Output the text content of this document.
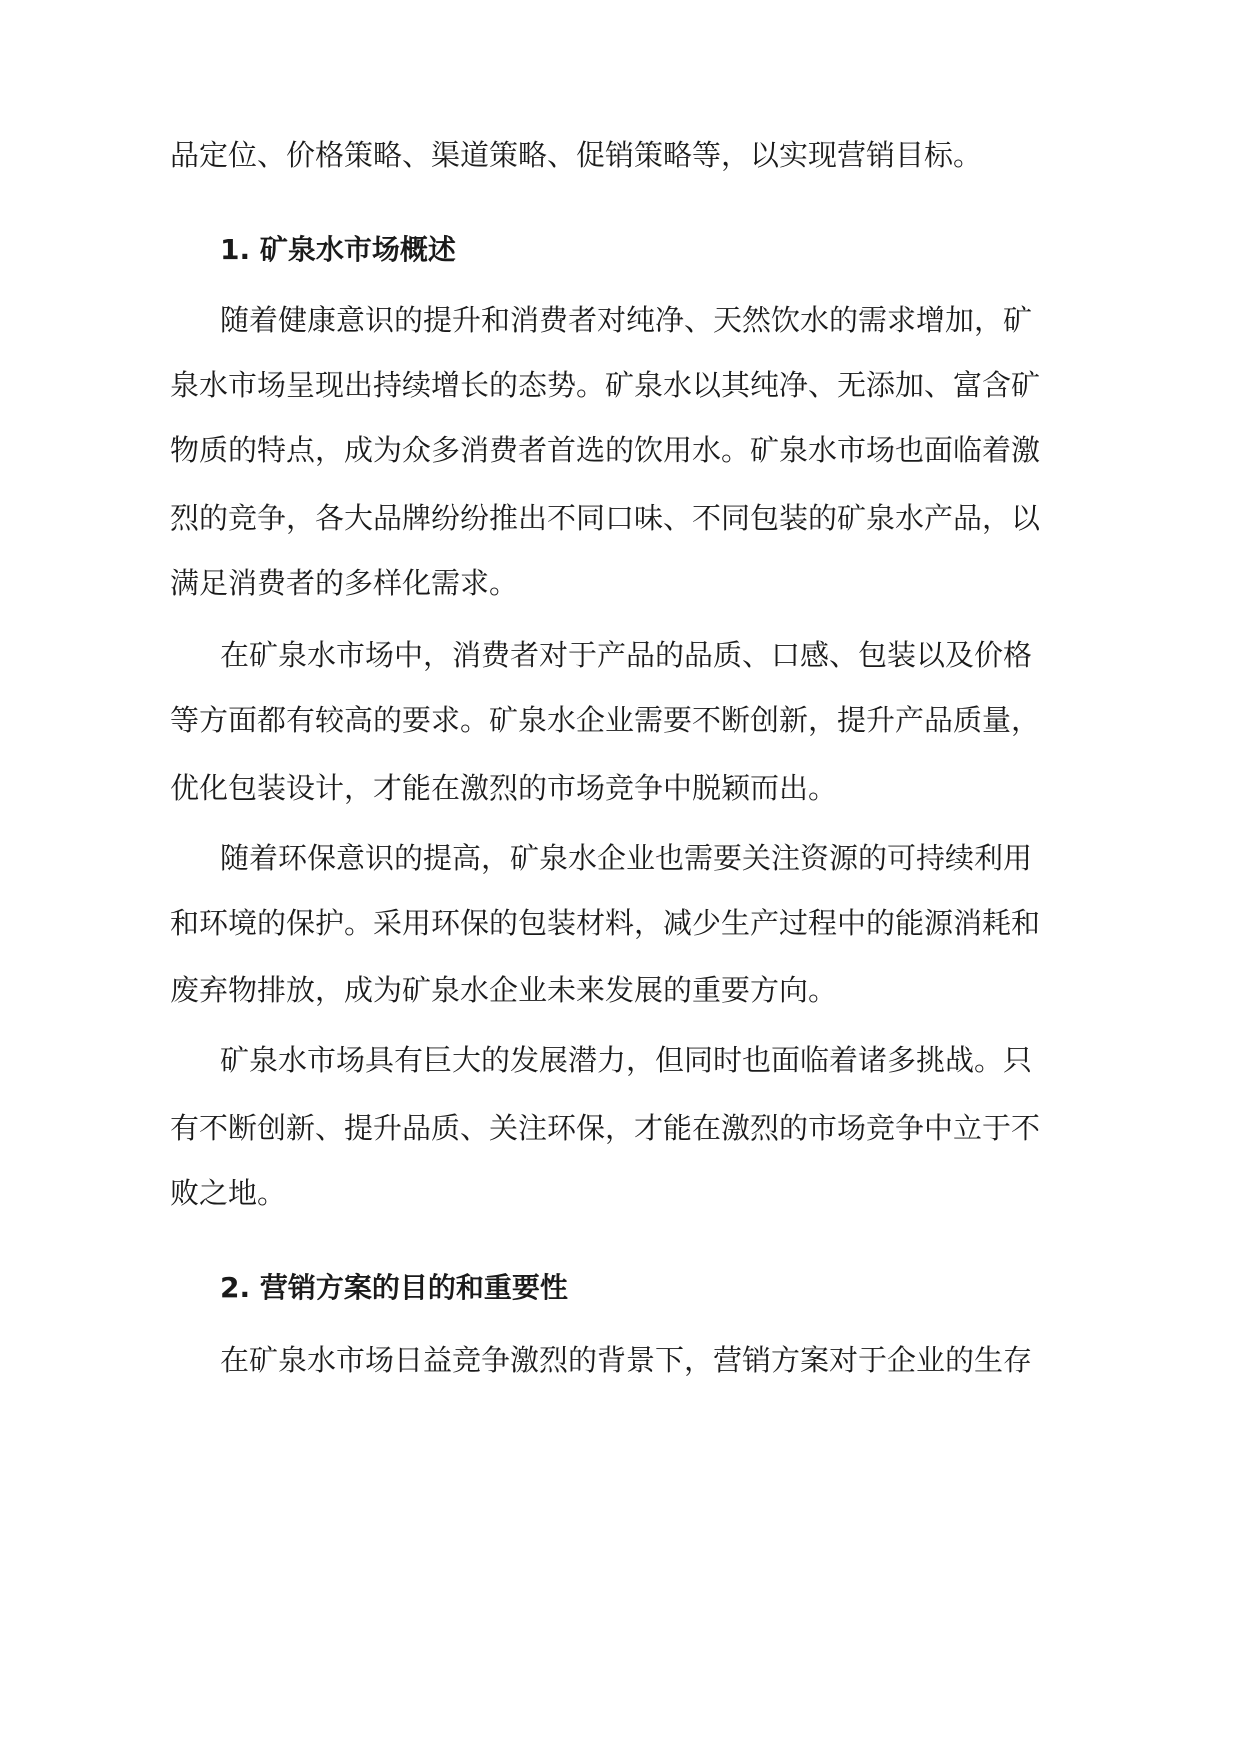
品定位、价格策略、渠道策略、促销策略等，以实现营销目标。

1. 矿泉水市场概述

随着健康意识的提升和消费者对纯净、天然饮水的需求增加，矿

泉水市场呈现出持续增长的态势。矿泉水以其纯净、无添加、富含矿

物质的特点，成为众多消费者首选的饮用水。矿泉水市场也面临着激

烈的竞争，各大品牌纷纷推出不同口味、不同包装的矿泉水产品，以

满足消费者的多样化需求。

在矿泉水市场中，消费者对于产品的品质、口感、包装以及价格

等方面都有较高的要求。矿泉水企业需要不断创新，提升产品质量，

优化包装设计，才能在激烈的市场竞争中脱颖而出。

随着环保意识的提高，矿泉水企业也需要关注资源的可持续利用

和环境的保护。采用环保的包装材料，减少生产过程中的能源消耗和

废弃物排放，成为矿泉水企业未来发展的重要方向。

矿泉水市场具有巨大的发展潜力，但同时也面临着诸多挑战。只

有不断创新、提升品质、关注环保，才能在激烈的市场竞争中立于不

败之地。

2. 营销方案的目的和重要性

在矿泉水市场日益竞争激烈的背景下，营销方案对于企业的生存
